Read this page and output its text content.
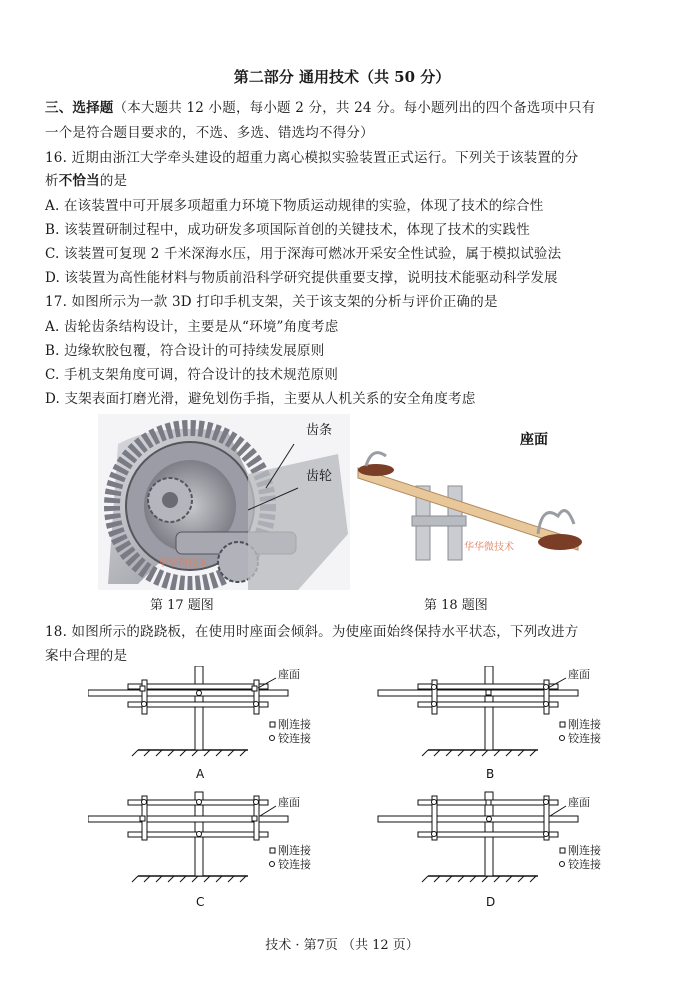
第二部分 通用技术（共 50 分）
三、选择题（本大题共 12 小题，每小题 2 分，共 24 分。每小题列出的四个备选项中只有
一个是符合题目要求的，不选、多选、错选均不得分）
16. 近期由浙江大学牵头建设的超重力离心模拟实验装置正式运行。下列关于该装置的分
析不恰当的是
A. 在该装置中可开展多项超重力环境下物质运动规律的实验，体现了技术的综合性
B. 该装置研制过程中，成功研发多项国际首创的关键技术，体现了技术的实践性
C. 该装置可复现 2 千米深海水压，用于深海可燃冰开采安全性试验，属于模拟试验法
D. 该装置为高性能材料与物质前沿科学研究提供重要支撑，说明技术能驱动科学发展
17. 如图所示为一款 3D 打印手机支架，关于该支架的分析与评价正确的是
A. 齿轮齿条结构设计，主要是从“环境”角度考虑
B. 边缘软胶包覆，符合设计的可持续发展原则
C. 手机支架角度可调，符合设计的技术规范原则
D. 支架表面打磨光滑，避免划伤手指，主要从人机关系的安全角度考虑
齿条
齿轮
华华微技术
第 17 题图
座面
华华微技术
第 18 题图
18. 如图所示的跷跷板，在使用时座面会倾斜。为使座面始终保持水平状态，下列改进方
案中合理的是
座面
刚连接
铰连接
A
座面
刚连接
铰连接
B
座面
刚连接
铰连接
C
座面
刚连接
铰连接
D
技术 · 第7页 （共 12 页）
